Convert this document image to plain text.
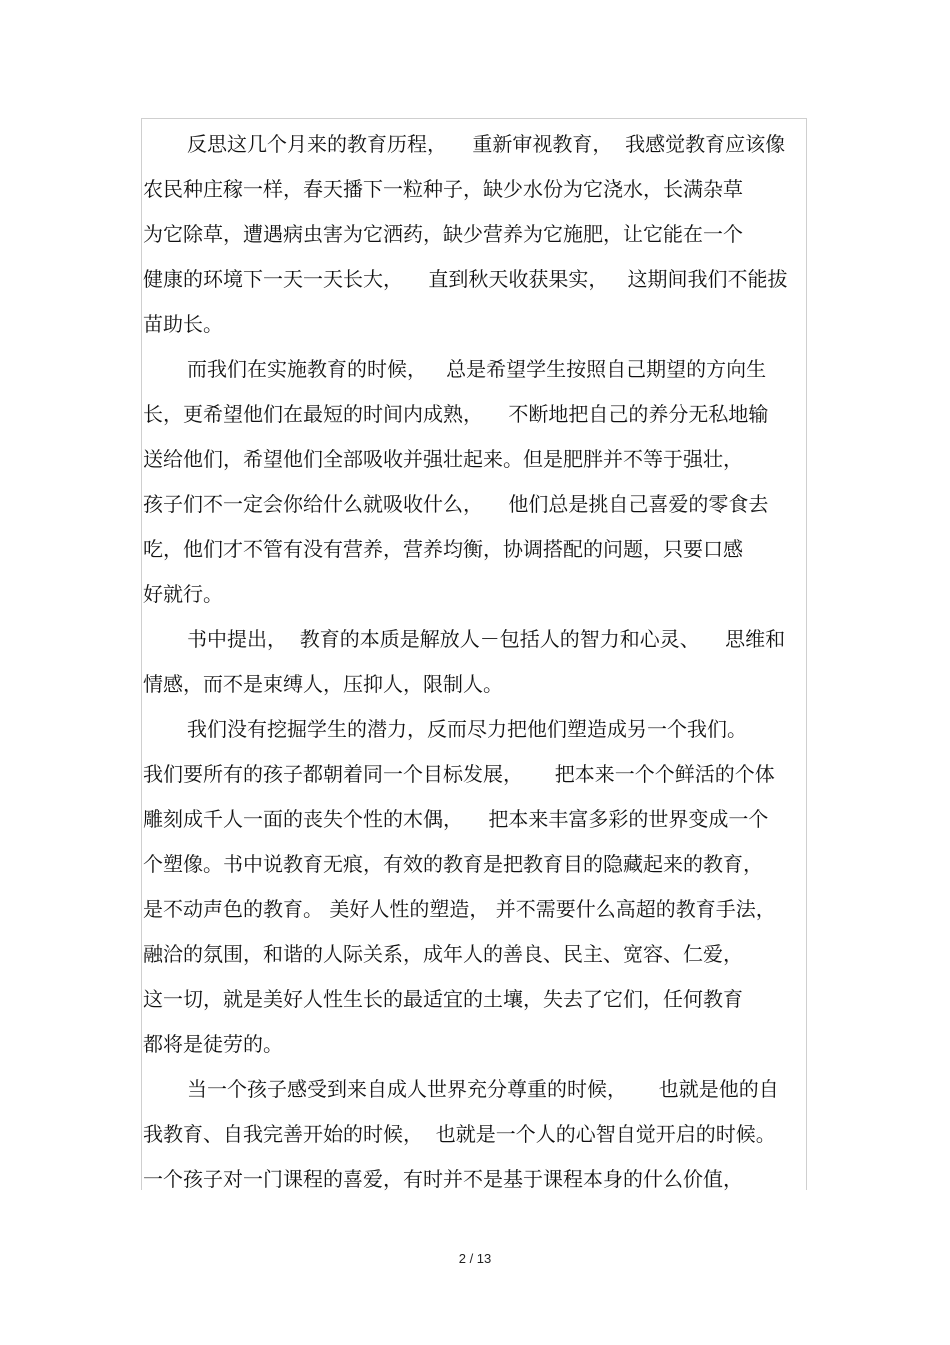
反思这几个月来的教育历程，    重新审视教育，  我感觉教育应该像
农民种庄稼一样，春天播下一粒种子，缺少水份为它浇水，长满杂草
为它除草，遭遇病虫害为它洒药，缺少营养为它施肥，让它能在一个
健康的环境下一天一天长大，    直到秋天收获果实，   这期间我们不能拔
苗助长。
而我们在实施教育的时候，   总是希望学生按照自己期望的方向生
长，更希望他们在最短的时间内成熟，    不断地把自己的养分无私地输
送给他们，希望他们全部吸收并强壮起来。但是肥胖并不等于强壮，
孩子们不一定会你给什么就吸收什么，    他们总是挑自己喜爱的零食去
吃，他们才不管有没有营养，营养均衡，协调搭配的问题，只要口感
好就行。
书中提出，  教育的本质是解放人－包括人的智力和心灵、    思维和
情感，而不是束缚人，压抑人，限制人。
我们没有挖掘学生的潜力，反而尽力把他们塑造成另一个我们。
我们要所有的孩子都朝着同一个目标发展，     把本来一个个鲜活的个体
雕刻成千人一面的丧失个性的木偶，    把本来丰富多彩的世界变成一个
个塑像。书中说教育无痕，有效的教育是把教育目的隐藏起来的教育，
是不动声色的教育。 美好人性的塑造， 并不需要什么高超的教育手法，
融洽的氛围，和谐的人际关系，成年人的善良、民主、宽容、仁爱，
这一切，就是美好人性生长的最适宜的土壤，失去了它们，任何教育
都将是徒劳的。
当一个孩子感受到来自成人世界充分尊重的时候，     也就是他的自
我教育、自我完善开始的时候，  也就是一个人的心智自觉开启的时候。
一个孩子对一门课程的喜爱，有时并不是基于课程本身的什么价值，
2 / 13
